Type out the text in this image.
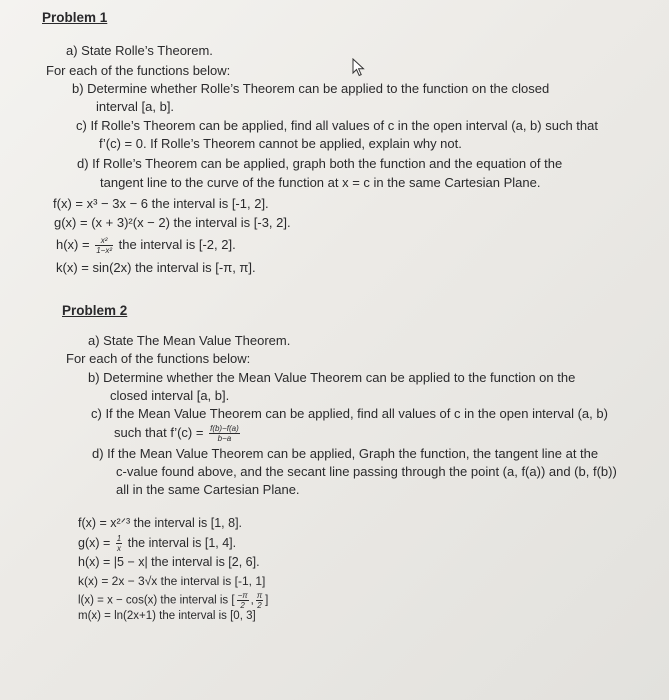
Problem 1
a) State Rolle’s Theorem.
For each of the functions below:
b) Determine whether Rolle’s Theorem can be applied to the function on the closed
interval [a, b].
c) If Rolle’s Theorem can be applied, find all values of c in the open interval (a, b) such that
f’(c) = 0. If Rolle’s Theorem cannot be applied, explain why not.
d) If Rolle’s Theorem can be applied, graph both the function and the equation of the
tangent line to the curve of the function at x = c in the same Cartesian Plane.
f(x) = x³ − 3x − 6 the interval is [-1, 2].
g(x) = (x + 3)²(x − 2) the interval is [-3, 2].
$h(x) = \frac{\text{x²}}{\text{1−x²}}$ the interval is [-2, 2].
k(x) = sin(2x) the interval is [-π, π].
Problem 2
a) State The Mean Value Theorem.
For each of the functions below:
b) Determine whether the Mean Value Theorem can be applied to the function on the
closed interval [a, b].
c) If the Mean Value Theorem can be applied, find all values of c in the open interval (a, b)
such that f’(c) = $\frac{f(b)-f(a)}{b-a}$
d) If the Mean Value Theorem can be applied, Graph the function, the tangent line at the
c-value found above, and the secant line passing through the point (a, f(a)) and (b, f(b))
all in the same Cartesian Plane.
f(x) = x²ᐟ³ the interval is [1, 8].
$g(x) = \frac{1}{x}$ the interval is [1, 4].
h(x) = |5 − x| the interval is [2, 6].
k(x) = 2x − 3√x the interval is [-1, 1]
l(x) = x − cos(x) the interval is [ $\frac{-\pi}{2}$ , $\frac{\pi}{2}$ ]
m(x) = ln(2x+1) the interval is [0, 3]
